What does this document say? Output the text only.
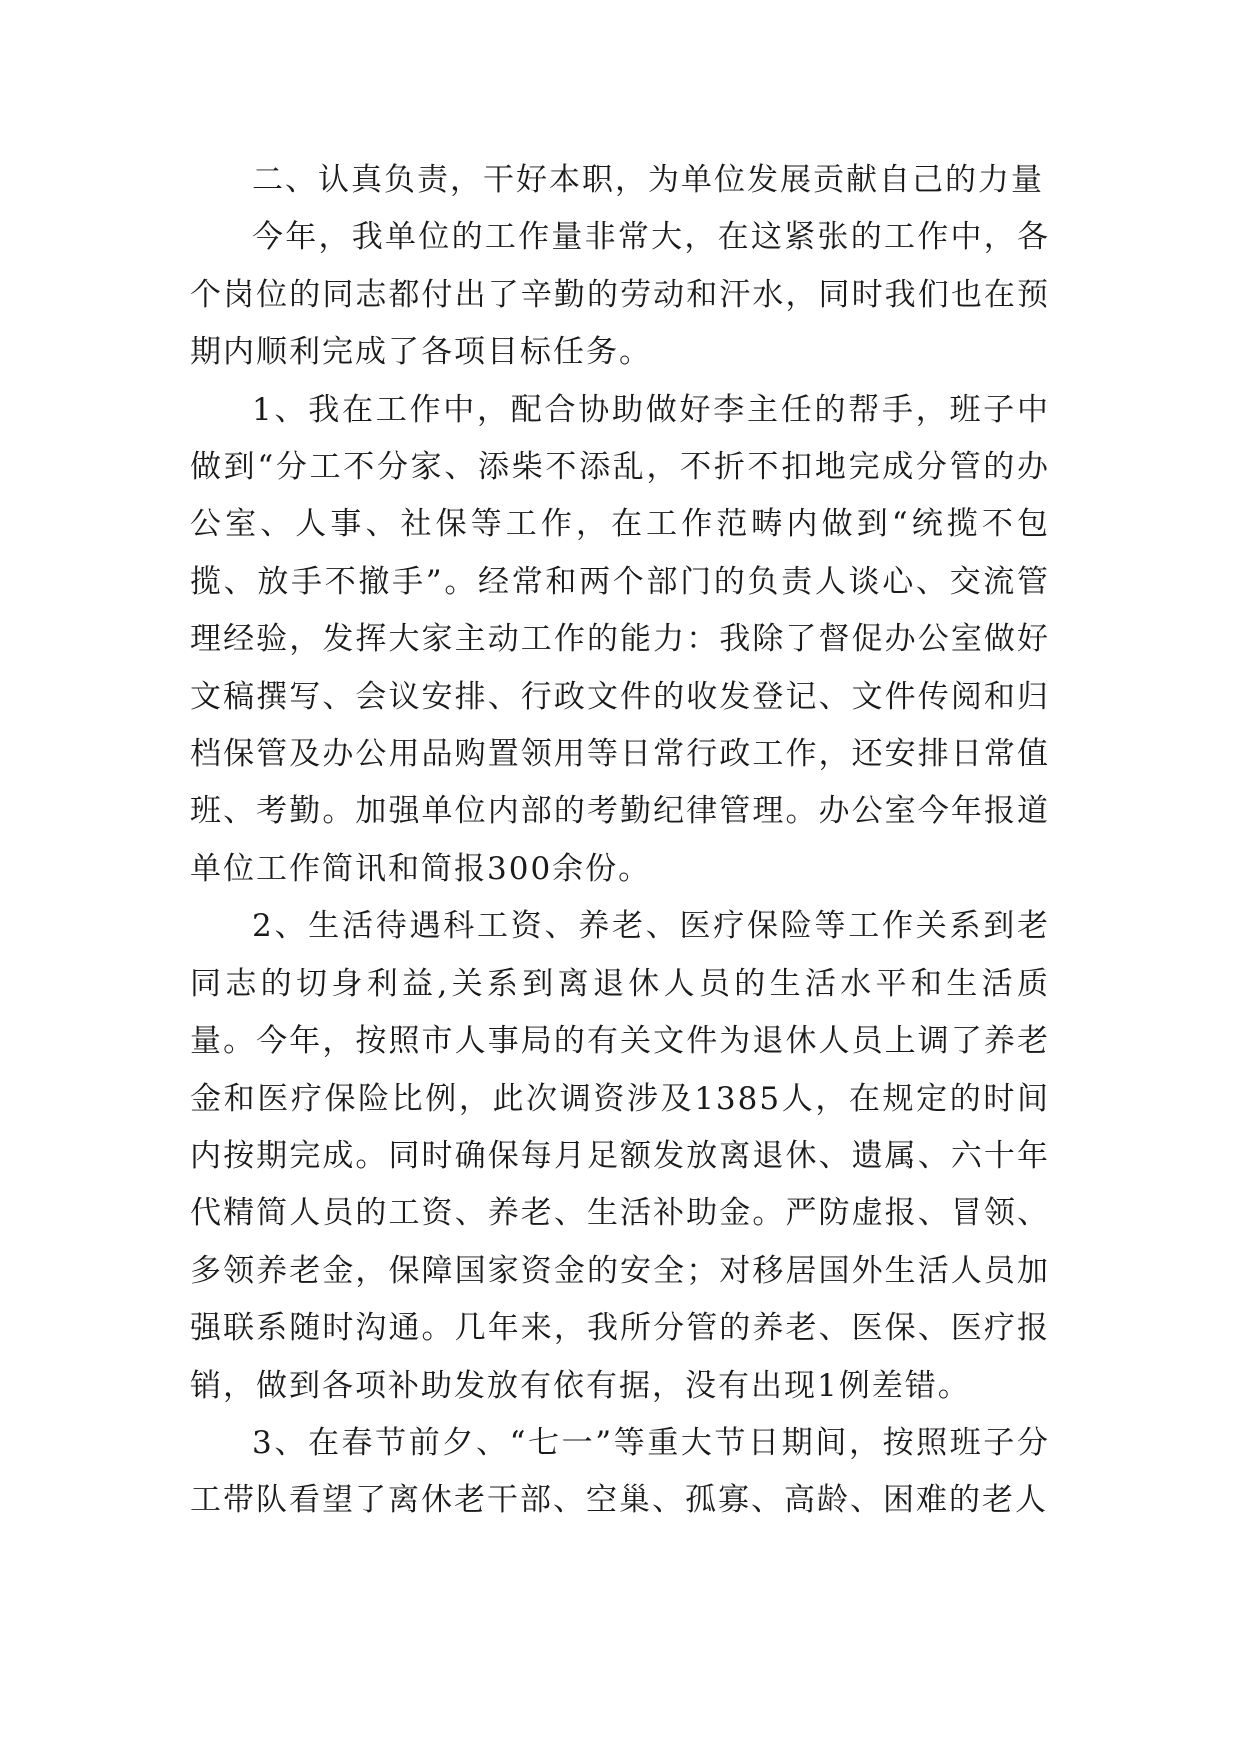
二、认真负责，干好本职，为单位发展贡献自己的力量

今年，我单位的工作量非常大，在这紧张的工作中，各个岗位的同志都付出了辛勤的劳动和汗水，同时我们也在预期内顺利完成了各项目标任务。

1、我在工作中，配合协助做好李主任的帮手，班子中做到“分工不分家、添柴不添乱，不折不扣地完成分管的办公室、人事、社保等工作，在工作范畴内做到“统揽不包揽、放手不撤手”。经常和两个部门的负责人谈心、交流管理经验，发挥大家主动工作的能力：我除了督促办公室做好文稿撰写、会议安排、行政文件的收发登记、文件传阅和归档保管及办公用品购置领用等日常行政工作，还安排日常值班、考勤。加强单位内部的考勤纪律管理。办公室今年报道单位工作简讯和简报300余份。

2、生活待遇科工资、养老、医疗保险等工作关系到老同志的切身利益,关系到离退休人员的生活水平和生活质量。今年，按照市人事局的有关文件为退休人员上调了养老金和医疗保险比例，此次调资涉及1385人，在规定的时间内按期完成。同时确保每月足额发放离退休、遗属、六十年代精简人员的工资、养老、生活补助金。严防虚报、冒领、多领养老金，保障国家资金的安全；对移居国外生活人员加强联系随时沟通。几年来，我所分管的养老、医保、医疗报销，做到各项补助发放有依有据，没有出现1例差错。

3、在春节前夕、“七一”等重大节日期间，按照班子分工带队看望了离休老干部、空巢、孤寡、高龄、困难的老人
